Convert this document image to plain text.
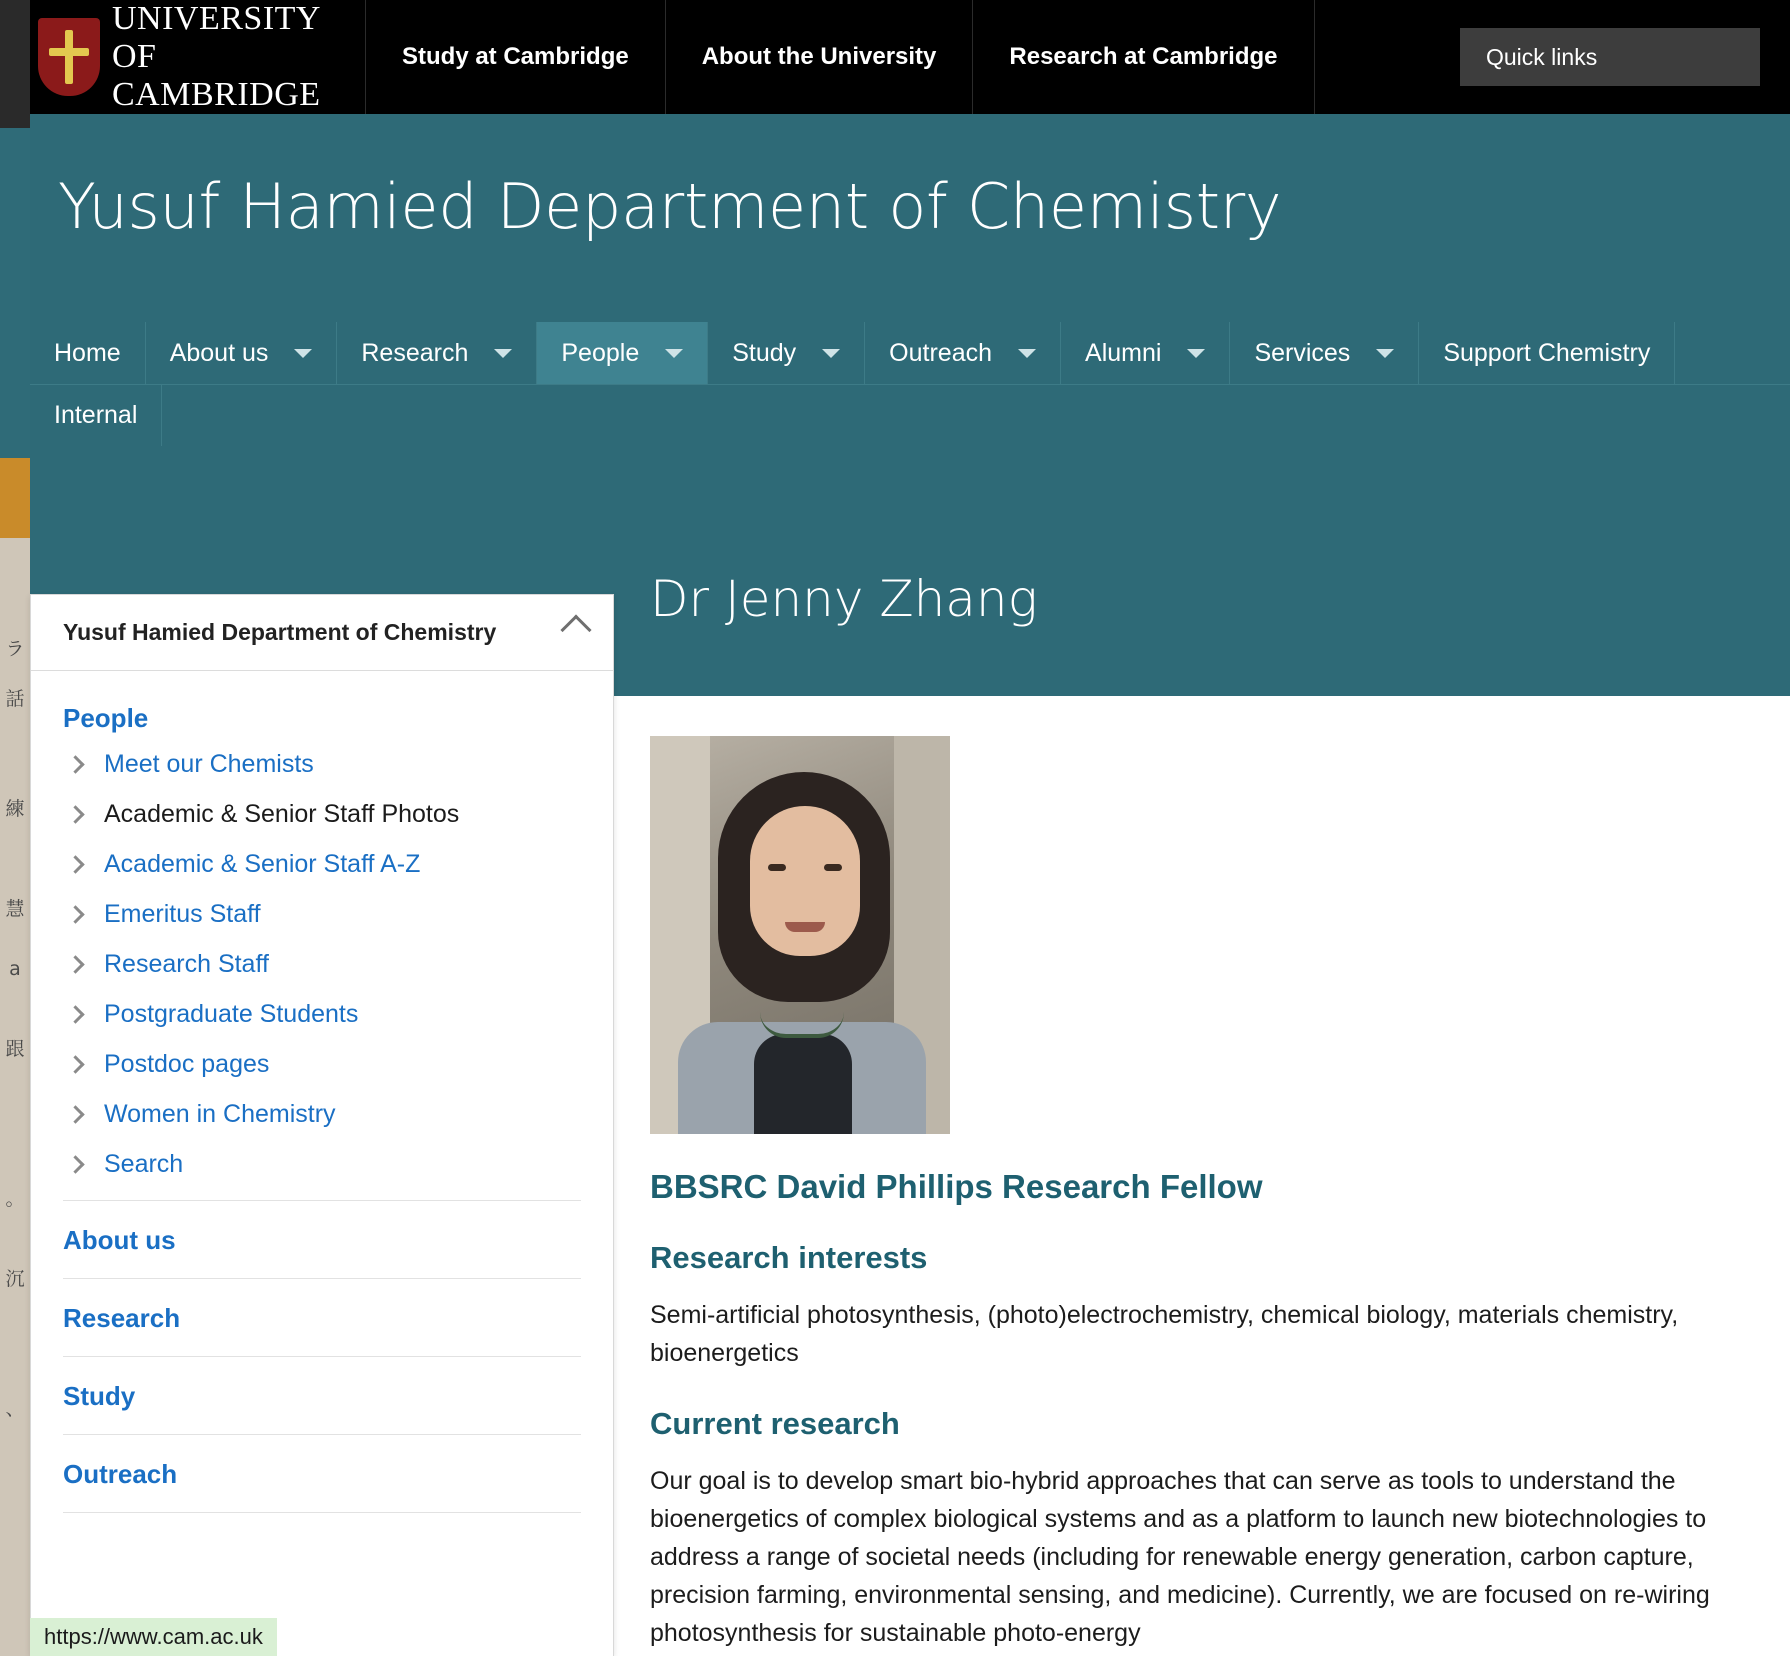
ラ
話
練
慧
a
跟
。
沉
、
Yusuf Hamied Department of Chemistry
Dr Jenny Zhang
Home About us	Research	People	Study	Outreach	Alumni	Services	Support Chemistry
Internal
UNIVERSITY OF
CAMBRIDGE
Study at Cambridge	About the University	Research at Cambridge	Quick links
Yusuf Hamied Department of Chemistry
People
Meet our Chemists
Academic & Senior Staff Photos
Academic & Senior Staff A-Z
Emeritus Staff
Research Staff
Postgraduate Students
Postdoc pages
Women in Chemistry
Search
About us
Research
Study
Outreach
BBSRC David Phillips Research Fellow
Research interests

Semi-artificial photosynthesis, (photo)electrochemistry, chemical biology, materials chemistry, bioenergetics

Current research

Our goal is to develop smart bio-hybrid approaches that can serve as tools to understand the bioenergetics of complex biological systems and as a platform to launch new biotechnologies to address a range of societal needs (including for renewable energy generation, carbon capture, precision farming, environmental sensing, and medicine). Currently, we are focused on re-wiring photosynthesis for sustainable photo-energy

https://www.cam.ac.uk
